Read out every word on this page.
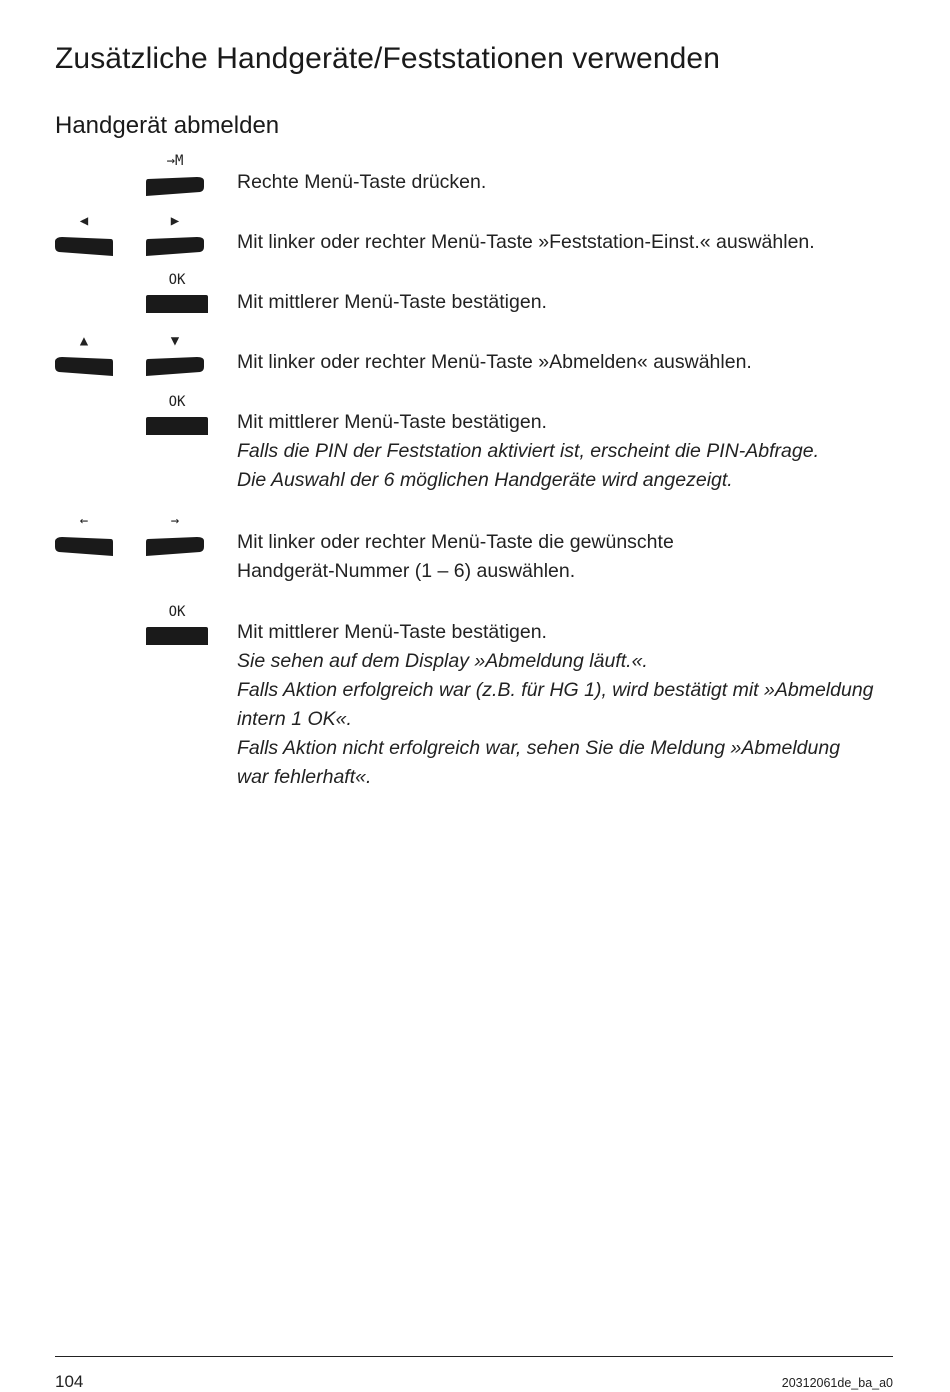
Zusätzliche Handgeräte/Feststationen verwenden
Handgerät abmelden
→M
Rechte Menü-Taste drücken.
◀	▶
Mit linker oder rechter Menü-Taste »Feststation-Einst.« auswählen.
OK
Mit mittlerer Menü-Taste bestätigen.
▲	▼
Mit linker oder rechter Menü-Taste »Abmelden« auswählen.
OK
Mit mittlerer Menü-Taste bestätigen.
Falls die PIN der Feststation aktiviert ist, erscheint die PIN-Abfrage.
Die Auswahl der 6 möglichen Handgeräte wird angezeigt.
←	→
Mit linker oder rechter Menü-Taste die gewünschte
Handgerät-Nummer (1 – 6) auswählen.
OK
Mit mittlerer Menü-Taste bestätigen.
Sie sehen auf dem Display »Abmeldung läuft.«.
Falls Aktion erfolgreich war (z.B. für HG 1), wird bestätigt mit »Abmeldung
intern 1 OK«.
Falls Aktion nicht erfolgreich war, sehen Sie die Meldung »Abmeldung
war fehlerhaft«.
104	20312061de_ba_a0
